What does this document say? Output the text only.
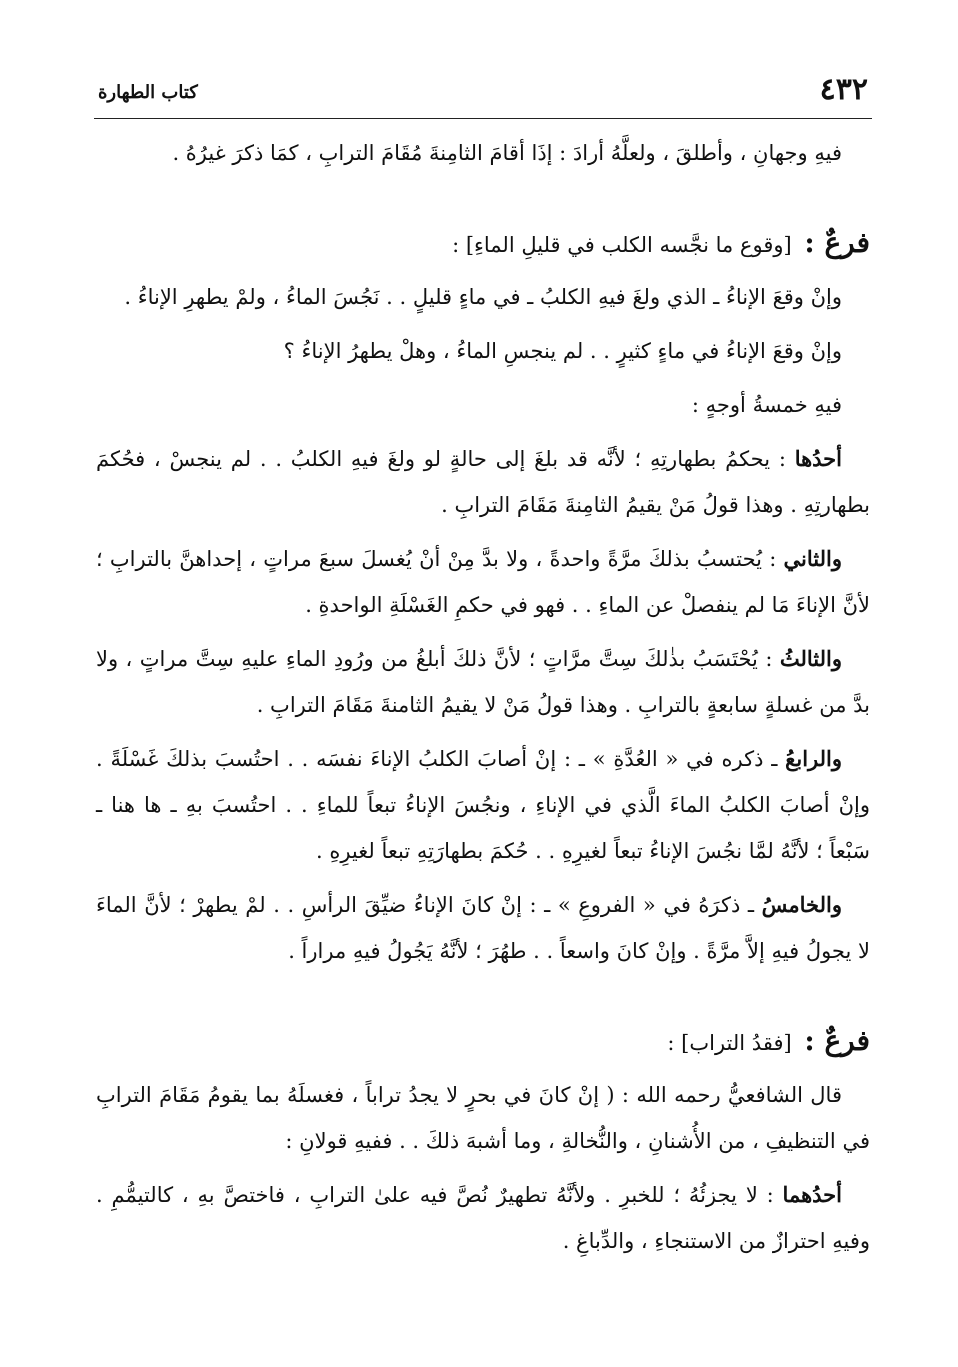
٤٣٢
كتاب الطهارة

فيهِ وجهانِ ، وأطلقَ ، ولعلَّهُ أرادَ : إذَا أقامَ الثامِنةَ مُقَامَ الترابِ ، كمَا ذكرَ غيرُهُ .

فرعٌ : [وقوع ما نجَّسه الكلب في قليلِ الماءِ] :

وإنْ وقعَ الإناءُ ـ الذي ولغَ فيهِ الكلبُ ـ في ماءٍ قليلٍ . . نَجُسَ الماءُ ، ولمْ يطهرِ الإناءُ .

وإنْ وقعَ الإناءُ في ماءٍ كثيرٍ . . لم ينجسِ الماءُ ، وهلْ يطهرُ الإناءُ ؟

فيهِ خمسةُ أوجهٍ :

أحدُها : يحكمُ بطهارتِهِ ؛ لأنَّه قد بلغَ إلى حالةٍ لو ولغَ فيهِ الكلبُ . . لم ينجسْ ، فحُكمَ بطهارتِهِ . وهذا قولُ مَنْ يقيمُ الثامِنةَ مَقَامَ الترابِ .

والثاني : يُحتسبُ بذلكَ مرَّةً واحدةً ، ولا بدَّ مِنْ أنْ يُغسلَ سبعَ مراتٍ ، إحداهنَّ بالترابِ ؛ لأنَّ الإناءَ مَا لم ينفصلْ عن الماءِ . . فهو في حكمِ الغَسْلَةِ الواحدةِ .

والثالثُ : يُحْتَسَبُ بذٰلكَ سِتَّ مرَّاتٍ ؛ لأنَّ ذلكَ أبلغُ من ورُودِ الماءِ عليهِ سِتَّ مراتٍ ، ولا بدَّ من غسلةٍ سابعةٍ بالترابِ . وهذا قولُ مَنْ لا يقيمُ الثامنةَ مَقَامَ الترابِ .

والرابعُ ـ ذكره في « العُدَّةِ » ـ : إنْ أصابَ الكلبُ الإناءَ نفسَه . . احتُسبَ بذلكَ غَسْلَةً . وإنْ أصابَ الكلبُ الماءَ الَّذي في الإناءِ ، ونجُسَ الإناءُ تبعاً للماءِ . . احتُسبَ بهِ ـ ها هنا ـ سَبْعاً ؛ لأنَّهُ لمَّا نجُسَ الإناءُ تبعاً لغيرِهِ . . حُكمَ بطهارَتِهِ تبعاً لغيرِهِ .

والخامسُ ـ ذكرَهُ في « الفروعِ » ـ : إنْ كانَ الإناءُ ضيِّقَ الرأسِ . . لمْ يطهرْ ؛ لأنَّ الماءَ لا يجولُ فيهِ إلاَّ مرَّةً . وإنْ كانَ واسعاً . . طهُرَ ؛ لأنَّهُ يَجُولُ فيهِ مراراً .

فرعٌ : [فقدُ التراب] :

قال الشافعيُّ رحمه الله : ( إنْ كانَ في بحرٍ لا يجدُ تراباً ، فغسلَهُ بما يقومُ مَقَامَ الترابِ في التنظيفِ ، من الأُشنانِ ، والنُّخالةِ ، وما أشبهَ ذلكَ . . ففيهِ قولانِ :

أحدُهما : لا يجزئُهُ ؛ للخبرِ . ولأنَّهُ تطهيرٌ نُصَّ فيه علىٰ الترابِ ، فاختصَّ بهِ ، كالتيمُّمِ . وفيهِ احترازٌ من الاستنجاءِ ، والدِّباغِ .
